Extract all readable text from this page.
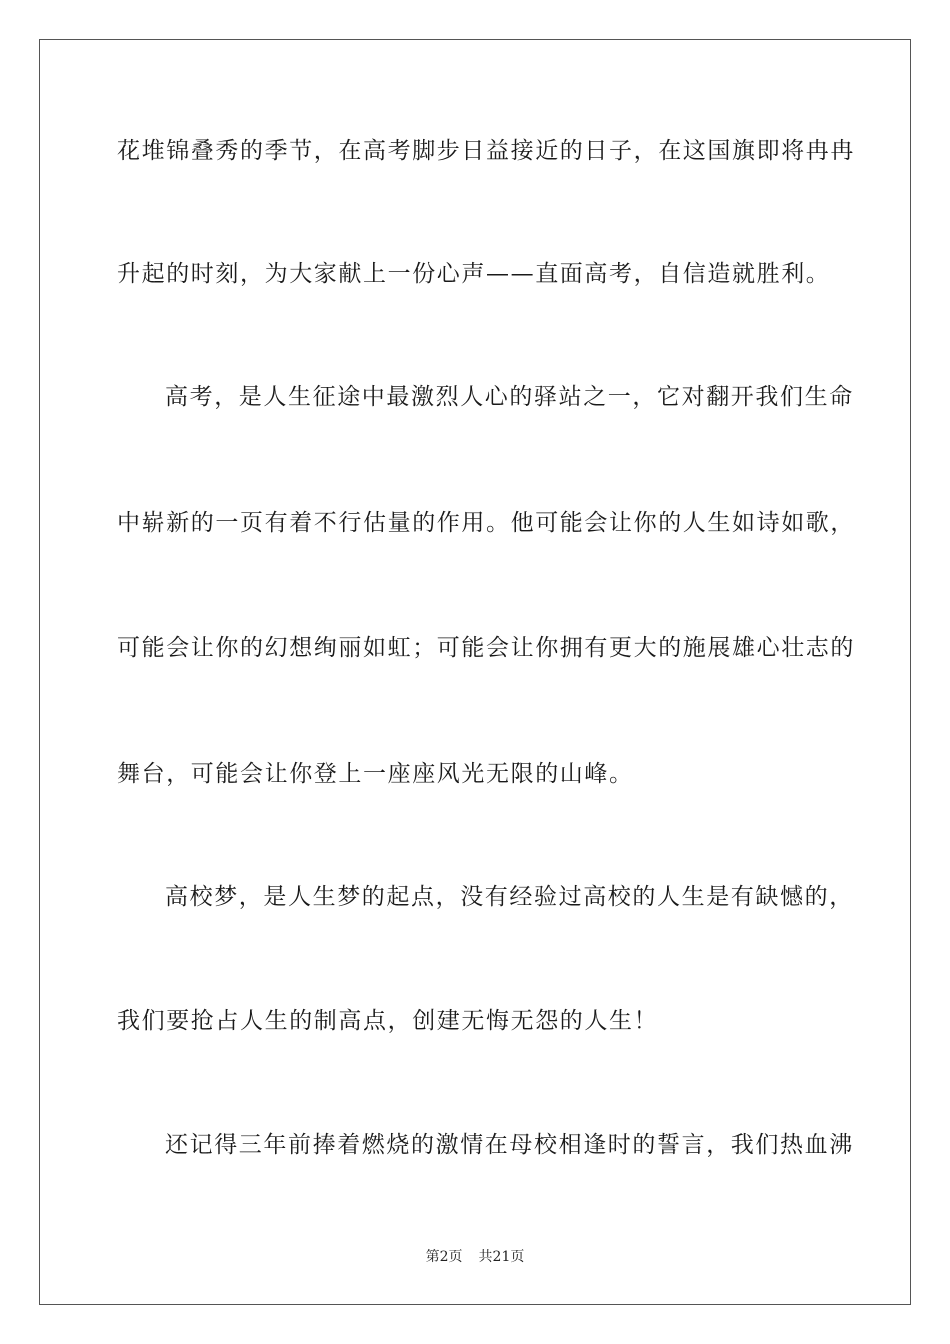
花堆锦叠秀的季节，在高考脚步日益接近的日子，在这国旗即将冉冉
升起的时刻，为大家献上一份心声——直面高考，自信造就胜利。
高考，是人生征途中最激烈人心的驿站之一，它对翻开我们生命
中崭新的一页有着不行估量的作用。他可能会让你的人生如诗如歌，
可能会让你的幻想绚丽如虹；可能会让你拥有更大的施展雄心壮志的
舞台，可能会让你登上一座座风光无限的山峰。
高校梦，是人生梦的起点，没有经验过高校的人生是有缺憾的，
我们要抢占人生的制高点，创建无悔无怨的人生！
还记得三年前捧着燃烧的激情在母校相逢时的誓言，我们热血沸
第2页 共21页
